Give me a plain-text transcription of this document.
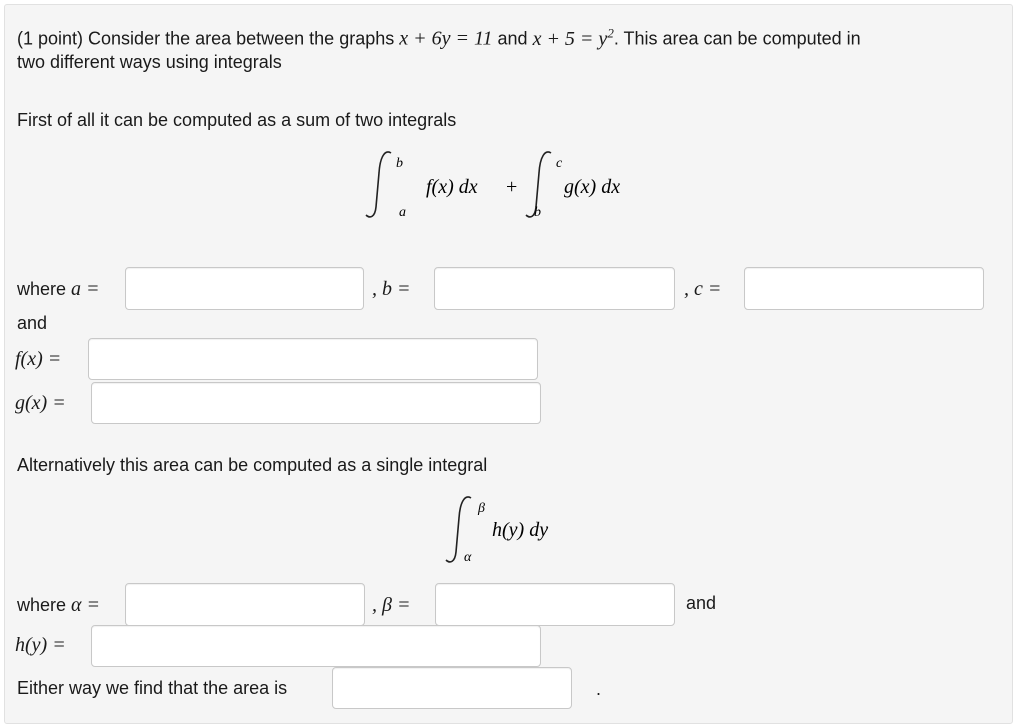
(1 point) Consider the area between the graphs x + 6y = 11 and $x + 5 = y^2$. This area can be computed in
two different ways using integrals
First of all it can be computed as a sum of two integrals
b
a
f(x) dx +
c
b
g(x) dx
where a =	, b =	, c =
and
f(x) =
g(x) =
Alternatively this area can be computed as a single integral
β
α
h(y) dy
where α =	, β =	and
h(y) =
Either way we find that the area is	.
